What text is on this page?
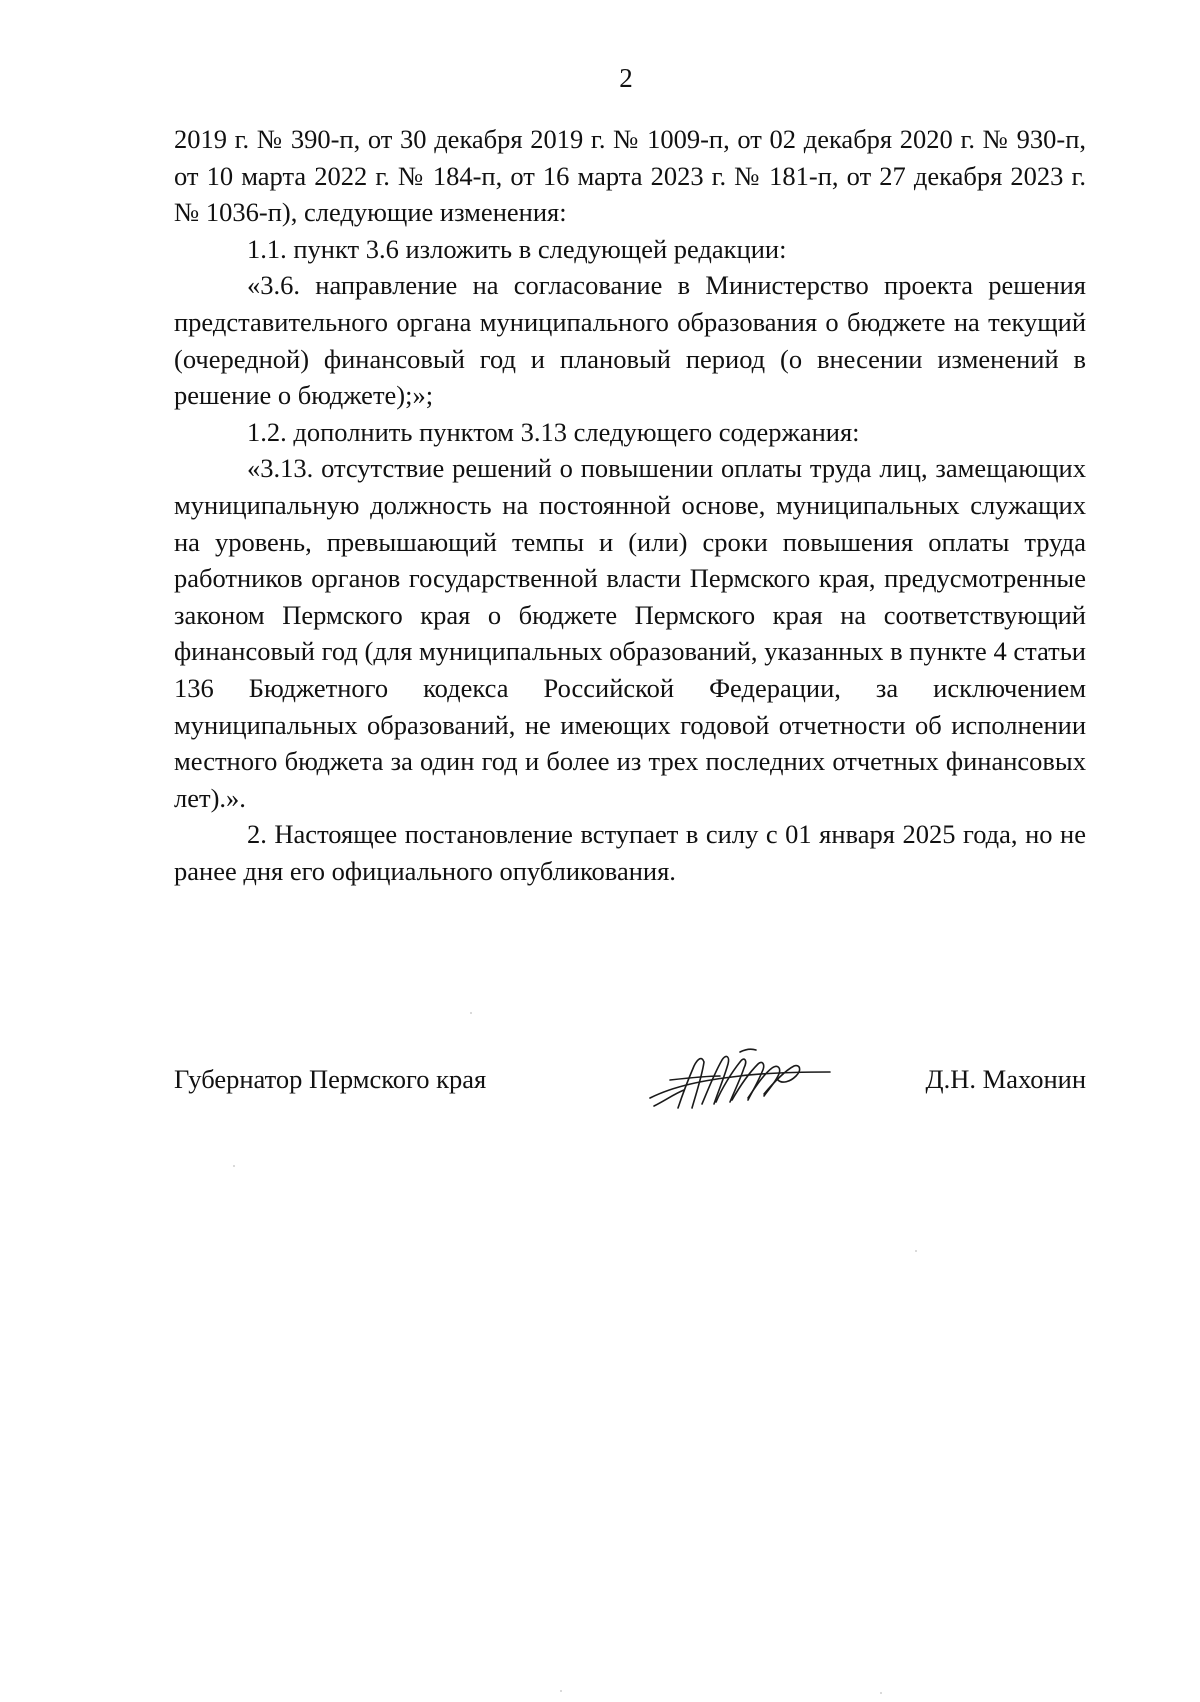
2

2019 г. № 390-п, от 30 декабря 2019 г. № 1009-п, от 02 декабря 2020 г. № 930-п, от 10 марта 2022 г. № 184-п, от 16 марта 2023 г. № 181-п, от 27 декабря 2023 г. № 1036-п), следующие изменения:

1.1. пункт 3.6 изложить в следующей редакции:

«3.6. направление на согласование в Министерство проекта решения представительного органа муниципального образования о бюджете на текущий (очередной) финансовый год и плановый период (о внесении изменений в решение о бюджете);»;

1.2. дополнить пунктом 3.13 следующего содержания:

«3.13. отсутствие решений о повышении оплаты труда лиц, замещающих муниципальную должность на постоянной основе, муниципальных служащих на уровень, превышающий темпы и (или) сроки повышения оплаты труда работников органов государственной власти Пермского края, предусмотренные законом Пермского края о бюджете Пермского края на соответствующий финансовый год (для муниципальных образований, указанных в пункте 4 статьи 136 Бюджетного кодекса Российской Федерации, за исключением муниципальных образований, не имеющих годовой отчетности об исполнении местного бюджета за один год и более из трех последних отчетных финансовых лет).».

2. Настоящее постановление вступает в силу с 01 января 2025 года, но не ранее дня его официального опубликования.

Губернатор Пермского края	Д.Н. Махонин
